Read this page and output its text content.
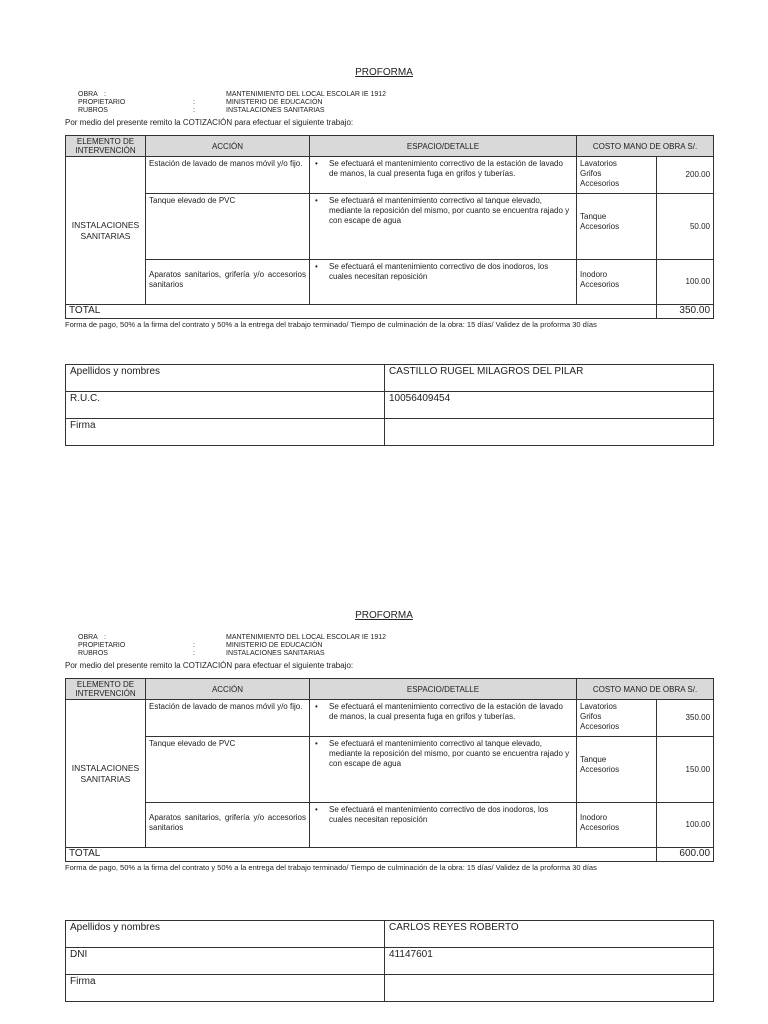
PROFORMA
OBRA :	MANTENIMIENTO DEL LOCAL ESCOLAR IE 1912
PROPIETARIO	:	MINISTERIO DE EDUCACIÓN
RUBROS	:	INSTALACIONES SANITARIAS
Por medio del presente remito la COTIZACIÓN para efectuar el siguiente trabajo:
ELEMENTO DE INTERVENCIÓN	ACCIÓN	ESPACIO/DETALLE	COSTO MANO DE OBRA S/.	
INSTALACIONES SANITARIAS	Estación de lavado de manos móvil y/o fijo.	• Se efectuará el mantenimiento correctivo de la estación de lavado de manos, la cual presenta fuga en grifos y tuberías.	Lavatorios
Grifos
Accesorios	200.00
	Tanque elevado de PVC	• Se efectuará el mantenimiento correctivo al tanque elevado, mediante la reposición del mismo, por cuanto se encuentra rajado y con escape de agua	Tanque
Accesorios	50.00
	Aparatos sanitarios, grifería y/o accesorios sanitarios	• Se efectuará el mantenimiento correctivo de dos inodoros, los cuales necesitan reposición	Inodoro
Accesorios	100.00
TOTAL				350.00
Forma de pago, 50% a la firma del contrato y 50% a la entrega del trabajo terminado/ Tiempo de culminación de la obra: 15 días/ Validez de la proforma 30 días
Apellidos y nombres	CASTILLO RUGEL MILAGROS DEL PILAR
R.U.C.	10056409454
Firma	
PROFORMA
OBRA :	MANTENIMIENTO DEL LOCAL ESCOLAR IE 1912
PROPIETARIO	:	MINISTERIO DE EDUCACIÓN
RUBROS	:	INSTALACIONES SANITARIAS
Por medio del presente remito la COTIZACIÓN para efectuar el siguiente trabajo:
ELEMENTO DE INTERVENCIÓN	ACCIÓN	ESPACIO/DETALLE	COSTO MANO DE OBRA S/.	
INSTALACIONES SANITARIAS	Estación de lavado de manos móvil y/o fijo.	• Se efectuará el mantenimiento correctivo de la estación de lavado de manos, la cual presenta fuga en grifos y tuberías.	Lavatorios
Grifos
Accesorios	350.00
	Tanque elevado de PVC	• Se efectuará el mantenimiento correctivo al tanque elevado, mediante la reposición del mismo, por cuanto se encuentra rajado y con escape de agua	Tanque
Accesorios	150.00
	Aparatos sanitarios, grifería y/o accesorios sanitarios	• Se efectuará el mantenimiento correctivo de dos inodoros, los cuales necesitan reposición	Inodoro
Accesorios	100.00
TOTAL				600.00
Forma de pago, 50% a la firma del contrato y 50% a la entrega del trabajo terminado/ Tiempo de culminación de la obra: 15 días/ Validez de la proforma 30 días
Apellidos y nombres	CARLOS REYES ROBERTO
DNI	41147601
Firma	
